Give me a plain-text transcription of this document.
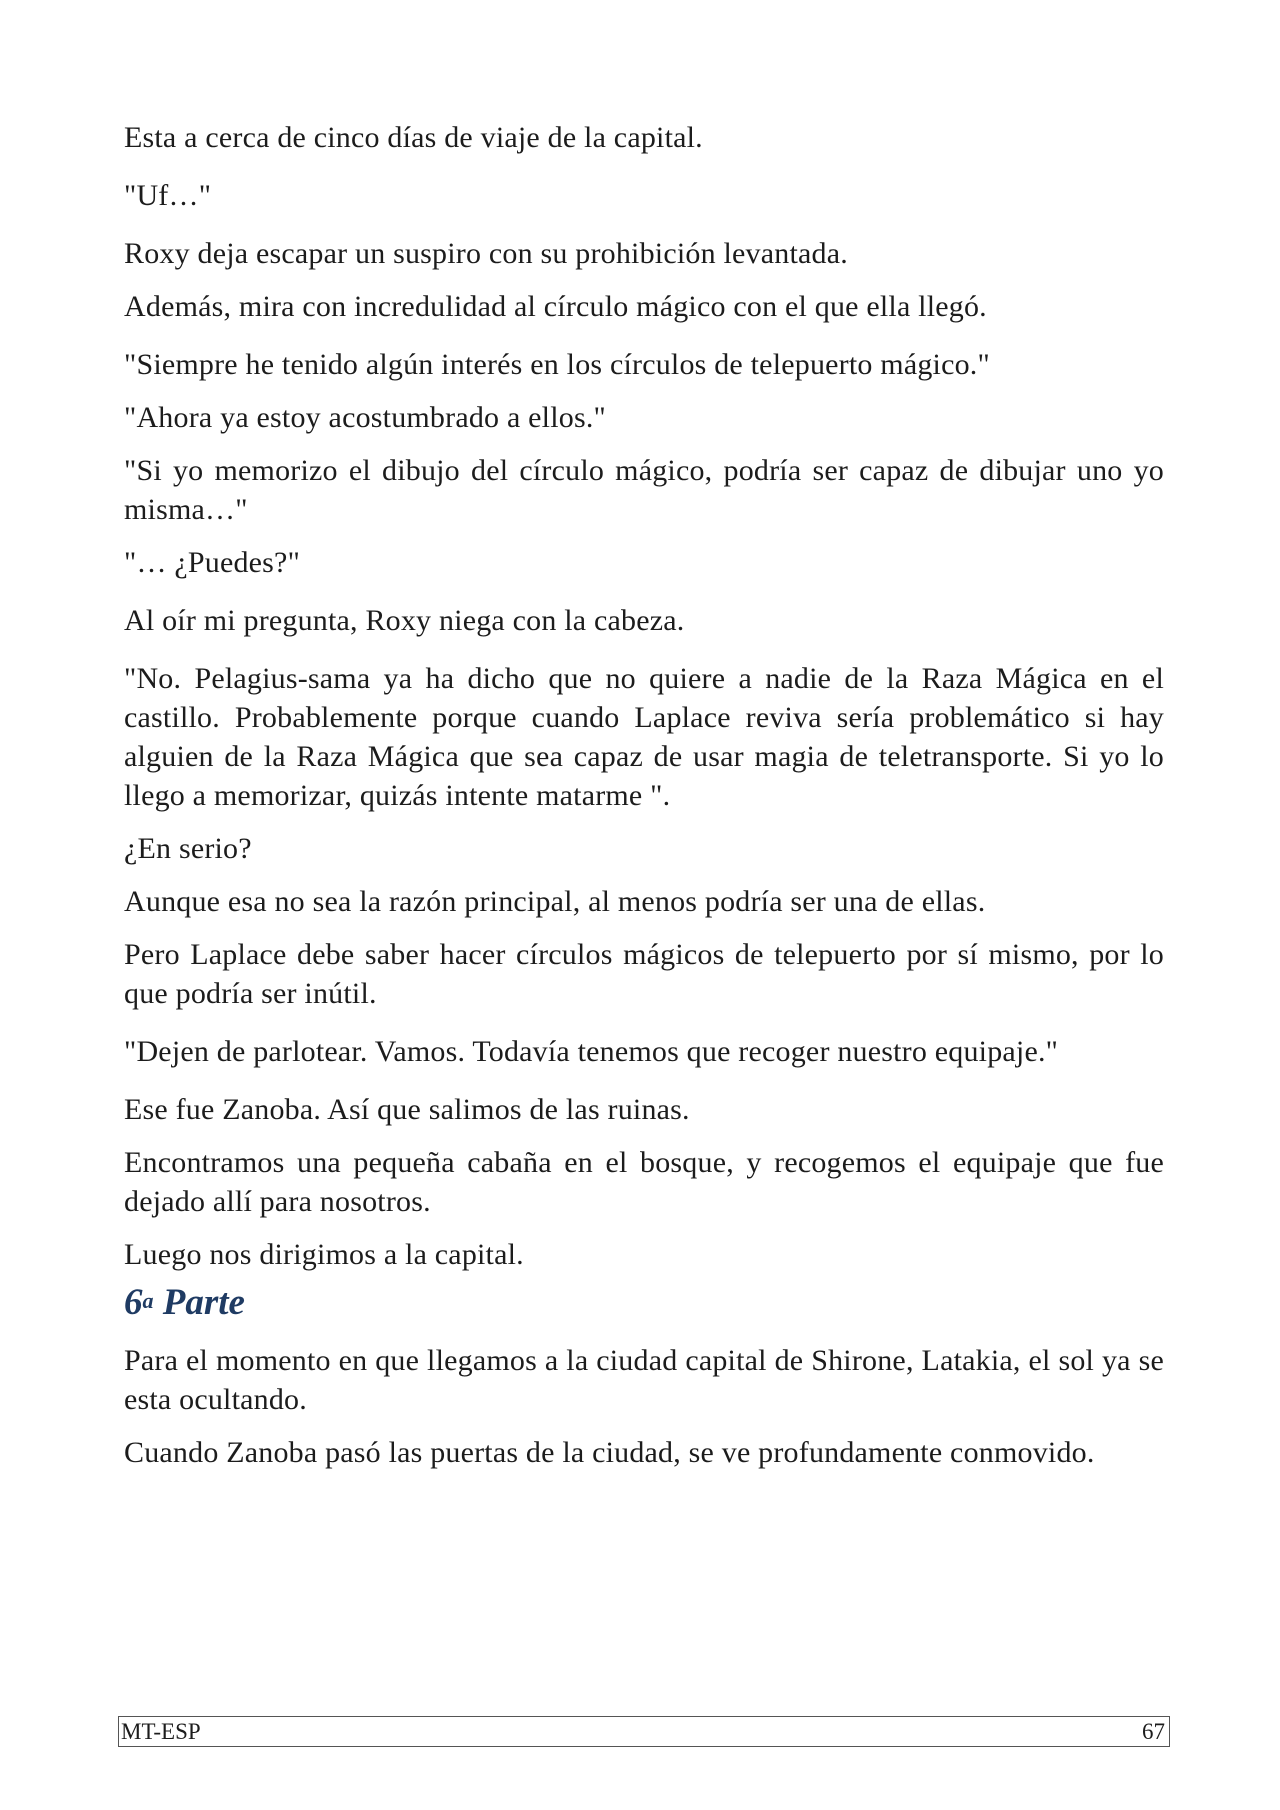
Esta a cerca de cinco días de viaje de la capital.

"Uf…"

Roxy deja escapar un suspiro con su prohibición levantada.

Además, mira con incredulidad al círculo mágico con el que ella llegó.

"Siempre he tenido algún interés en los círculos de telepuerto mágico."

"Ahora ya estoy acostumbrado a ellos."

"Si yo memorizo el dibujo del círculo mágico, podría ser capaz de dibujar uno yo misma…"

"… ¿Puedes?"

Al oír mi pregunta, Roxy niega con la cabeza.

"No. Pelagius-sama ya ha dicho que no quiere a nadie de la Raza Mágica en el castillo. Probablemente porque cuando Laplace reviva sería problemático si hay alguien de la Raza Mágica que sea capaz de usar magia de teletransporte. Si yo lo llego a memorizar, quizás intente matarme ".

¿En serio?

Aunque esa no sea la razón principal, al menos podría ser una de ellas.

Pero Laplace debe saber hacer círculos mágicos de telepuerto por sí mismo, por lo que podría ser inútil.

"Dejen de parlotear. Vamos. Todavía tenemos que recoger nuestro equipaje."

Ese fue Zanoba. Así que salimos de las ruinas.

Encontramos una pequeña cabaña en el bosque, y recogemos el equipaje que fue dejado allí para nosotros.

Luego nos dirigimos a la capital.

6$^a$ Parte

Para el momento en que llegamos a la ciudad capital de Shirone, Latakia, el sol ya se esta ocultando.

Cuando Zanoba pasó las puertas de la ciudad, se ve profundamente conmovido.

MT-ESP	67
